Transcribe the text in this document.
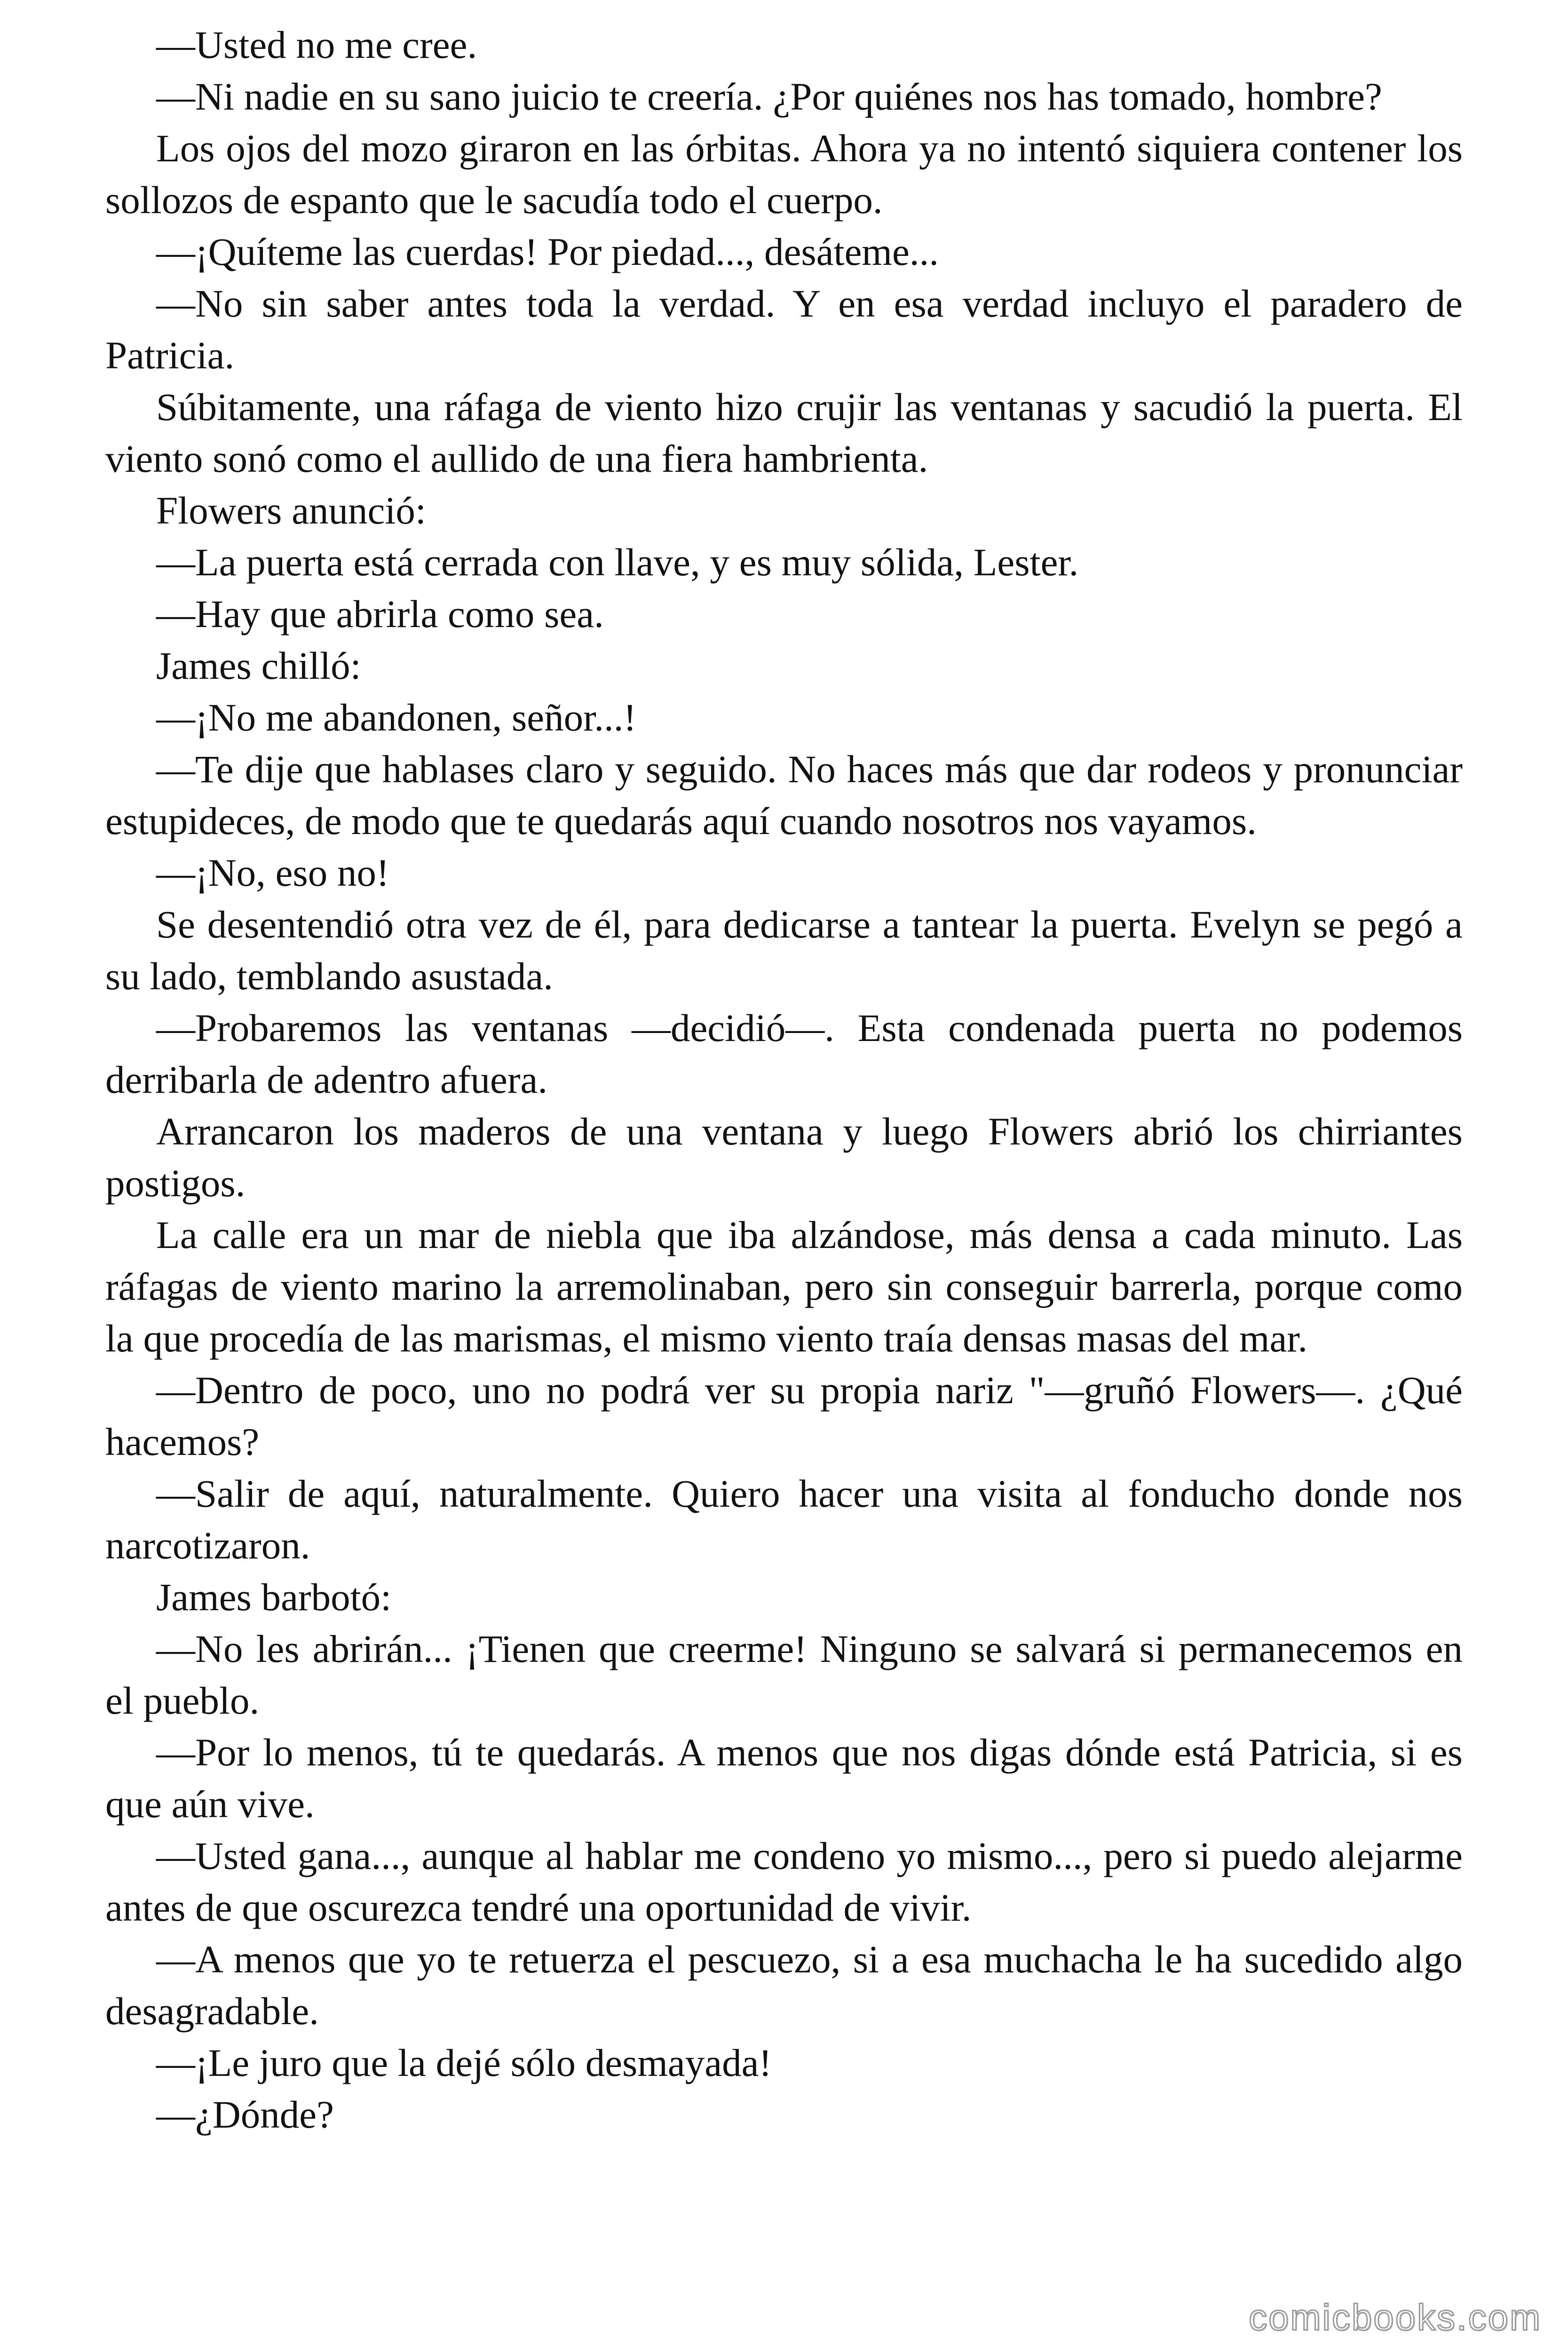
—Usted no me cree.

—Ni nadie en su sano juicio te creería. ¿Por quiénes nos has tomado, hombre?

Los ojos del mozo giraron en las órbitas. Ahora ya no intentó siquiera contener los sollozos de espanto que le sacudía todo el cuerpo.

—¡Quíteme las cuerdas! Por piedad..., desáteme...

—No sin saber antes toda la verdad. Y en esa verdad incluyo el paradero de Patricia.

Súbitamente, una ráfaga de viento hizo crujir las ventanas y sacudió la puerta. El viento sonó como el aullido de una fiera hambrienta.

Flowers anunció:

—La puerta está cerrada con llave, y es muy sólida, Lester.

—Hay que abrirla como sea.

James chilló:

—¡No me abandonen, señor...!

—Te dije que hablases claro y seguido. No haces más que dar rodeos y pronunciar estupideces, de modo que te quedarás aquí cuando nosotros nos vayamos.

—¡No, eso no!

Se desentendió otra vez de él, para dedicarse a tantear la puerta. Evelyn se pegó a su lado, temblando asustada.

—Probaremos las ventanas —decidió—. Esta condenada puerta no podemos derribarla de adentro afuera.

Arrancaron los maderos de una ventana y luego Flowers abrió los chirriantes postigos.

La calle era un mar de niebla que iba alzándose, más densa a cada minuto. Las ráfagas de viento marino la arremolinaban, pero sin conseguir barrerla, porque como la que procedía de las marismas, el mismo viento traía densas masas del mar.

—Dentro de poco, uno no podrá ver su propia nariz "—gruñó Flowers—. ¿Qué hacemos?

—Salir de aquí, naturalmente. Quiero hacer una visita al fonducho donde nos narcotizaron.

James barbotó:

—No les abrirán... ¡Tienen que creerme! Ninguno se salvará si permanecemos en el pueblo.

—Por lo menos, tú te quedarás. A menos que nos digas dónde está Patricia, si es que aún vive.

—Usted gana..., aunque al hablar me condeno yo mismo..., pero si puedo alejarme antes de que oscurezca tendré una oportunidad de vivir.

—A menos que yo te retuerza el pescuezo, si a esa muchacha le ha sucedido algo desagradable.

—¡Le juro que la dejé sólo desmayada!

—¿Dónde?

comicbooks.com
